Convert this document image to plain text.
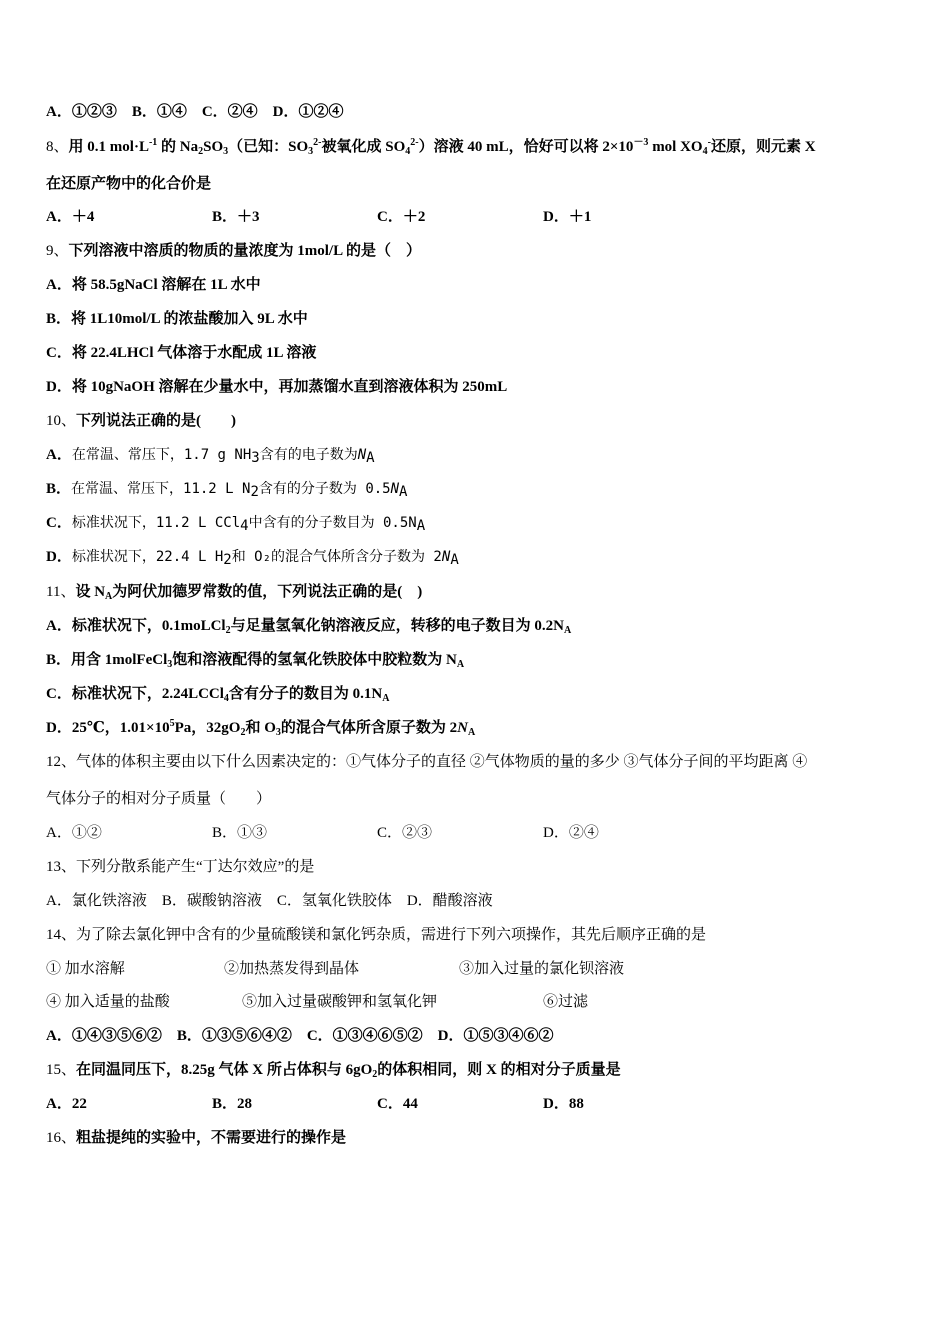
A．①②③　B．①④　C．②④　D．①②④
8、用 0.1 $mol\cdot L^{-1}$ 的 $Na_2SO_3$（已知：$SO_3^{2-}$被氧化成 $SO_4^{2-}$）溶液 40 mL，恰好可以将 $2\times 10^{-3}$ mol $XO_4^-$还原，则元素 X
在还原产物中的化合价是
A．＋4	B．＋3	C．＋2	D．＋1
9、下列溶液中溶质的物质的量浓度为 1mol/L 的是（　）
A．将 58.5gNaCl 溶解在 1L 水中
B．将 1L10mol/L 的浓盐酸加入 9L 水中
C．将 22.4LHCl 气体溶于水配成 1L 溶液
D．将 10gNaOH 溶解在少量水中，再加蒸馏水直到溶液体积为 250mL
10、下列说法正确的是(　　)
A．在常温、常压下，1.7 g $NH_3$含有的电子数为$N_A$
B．在常温、常压下，11.2 L $N_2$含有的分子数为 $0.5N_A$
C．标准状况下，11.2 L CCl$_4$中含有的分子数目为 $0.5N_A$
D．标准状况下，22.4 L $H_2$和 O₂的混合气体所含分子数为 $2N_A$
11、设 $N_A$为阿伏加德罗常数的值，下列说法正确的是(　)
A．标准状况下，0.1moLCl$_2$与足量氢氧化钠溶液反应，转移的电子数目为 $0.2N_A$
B．用含 1molFeCl$_3$饱和溶液配得的氢氧化铁胶体中胶粒数为 $N_A$
C．标准状况下，2.24LCCl$_4$含有分子的数目为 $0.1N_A$
D．25℃，$1.01\times 10^5Pa$，$32gO_2$和 $O_3$的混合气体所含原子数为 $2N_A$
12、气体的体积主要由以下什么因素决定的：①气体分子的直径 ②气体物质的量的多少 ③气体分子间的平均距离 ④
气体分子的相对分子质量（　　）
A．①②	B．①③	C．②③	D．②④
13、下列分散系能产生“丁达尔效应”的是
A．氯化铁溶液　B．碳酸钠溶液　C．氢氧化铁胶体　D．醋酸溶液
14、为了除去氯化钾中含有的少量硫酸镁和氯化钙杂质，需进行下列六项操作，其先后顺序正确的是
① 加水溶解	②加热蒸发得到晶体	③加入过量的氯化钡溶液
④ 加入适量的盐酸	⑤加入过量碳酸钾和氢氧化钾	⑥过滤
A．①④③⑤⑥②　B．①③⑤⑥④②　C．①③④⑥⑤②　D．①⑤③④⑥②
15、在同温同压下，8.25g 气体 X 所占体积与 $6gO_2$的体积相同，则 X 的相对分子质量是
A．22	B．28	C．44	D．88
16、粗盐提纯的实验中，不需要进行的操作是
